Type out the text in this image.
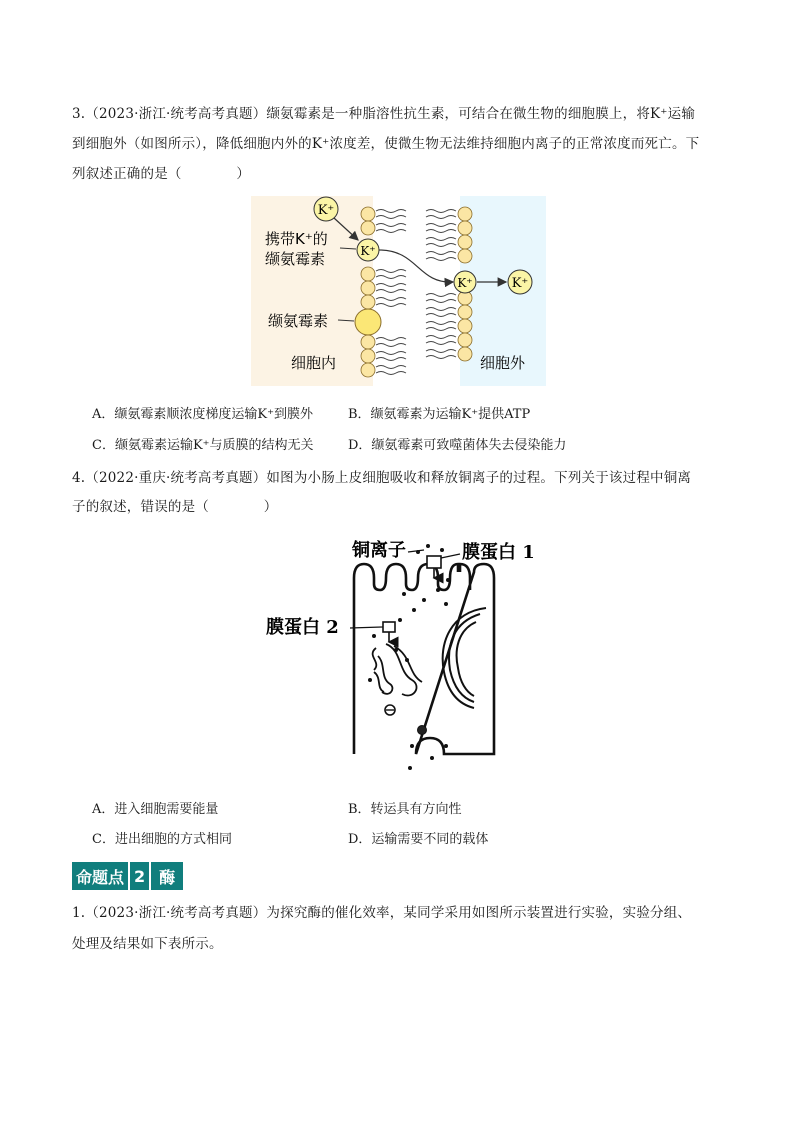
3.（2023·浙江·统考高考真题）缬氨霉素是一种脂溶性抗生素，可结合在微生物的细胞膜上，将K⁺运输
到细胞外（如图所示），降低细胞内外的K⁺浓度差，使微生物无法维持细胞内离子的正常浓度而死亡。下
列叙述正确的是（　　　　）
K⁺
K⁺
K⁺	K⁺
携带K⁺的
缬氨霉素
缬氨霉素
细胞内	细胞外
A．缬氨霉素顺浓度梯度运输K⁺到膜外	B．缬氨霉素为运输K⁺提供ATP
C．缬氨霉素运输K⁺与质膜的结构无关	D．缬氨霉素可致噬菌体失去侵染能力
4.（2022·重庆·统考高考真题）如图为小肠上皮细胞吸收和释放铜离子的过程。下列关于该过程中铜离
子的叙述，错误的是（　　　　）
铜离子	膜蛋白 1
膜蛋白 2
A．进入细胞需要能量	B．转运具有方向性
C．进出细胞的方式相同	D．运输需要不同的载体
命题点 2 酶
1.（2023·浙江·统考高考真题）为探究酶的催化效率，某同学采用如图所示装置进行实验，实验分组、
处理及结果如下表所示。
